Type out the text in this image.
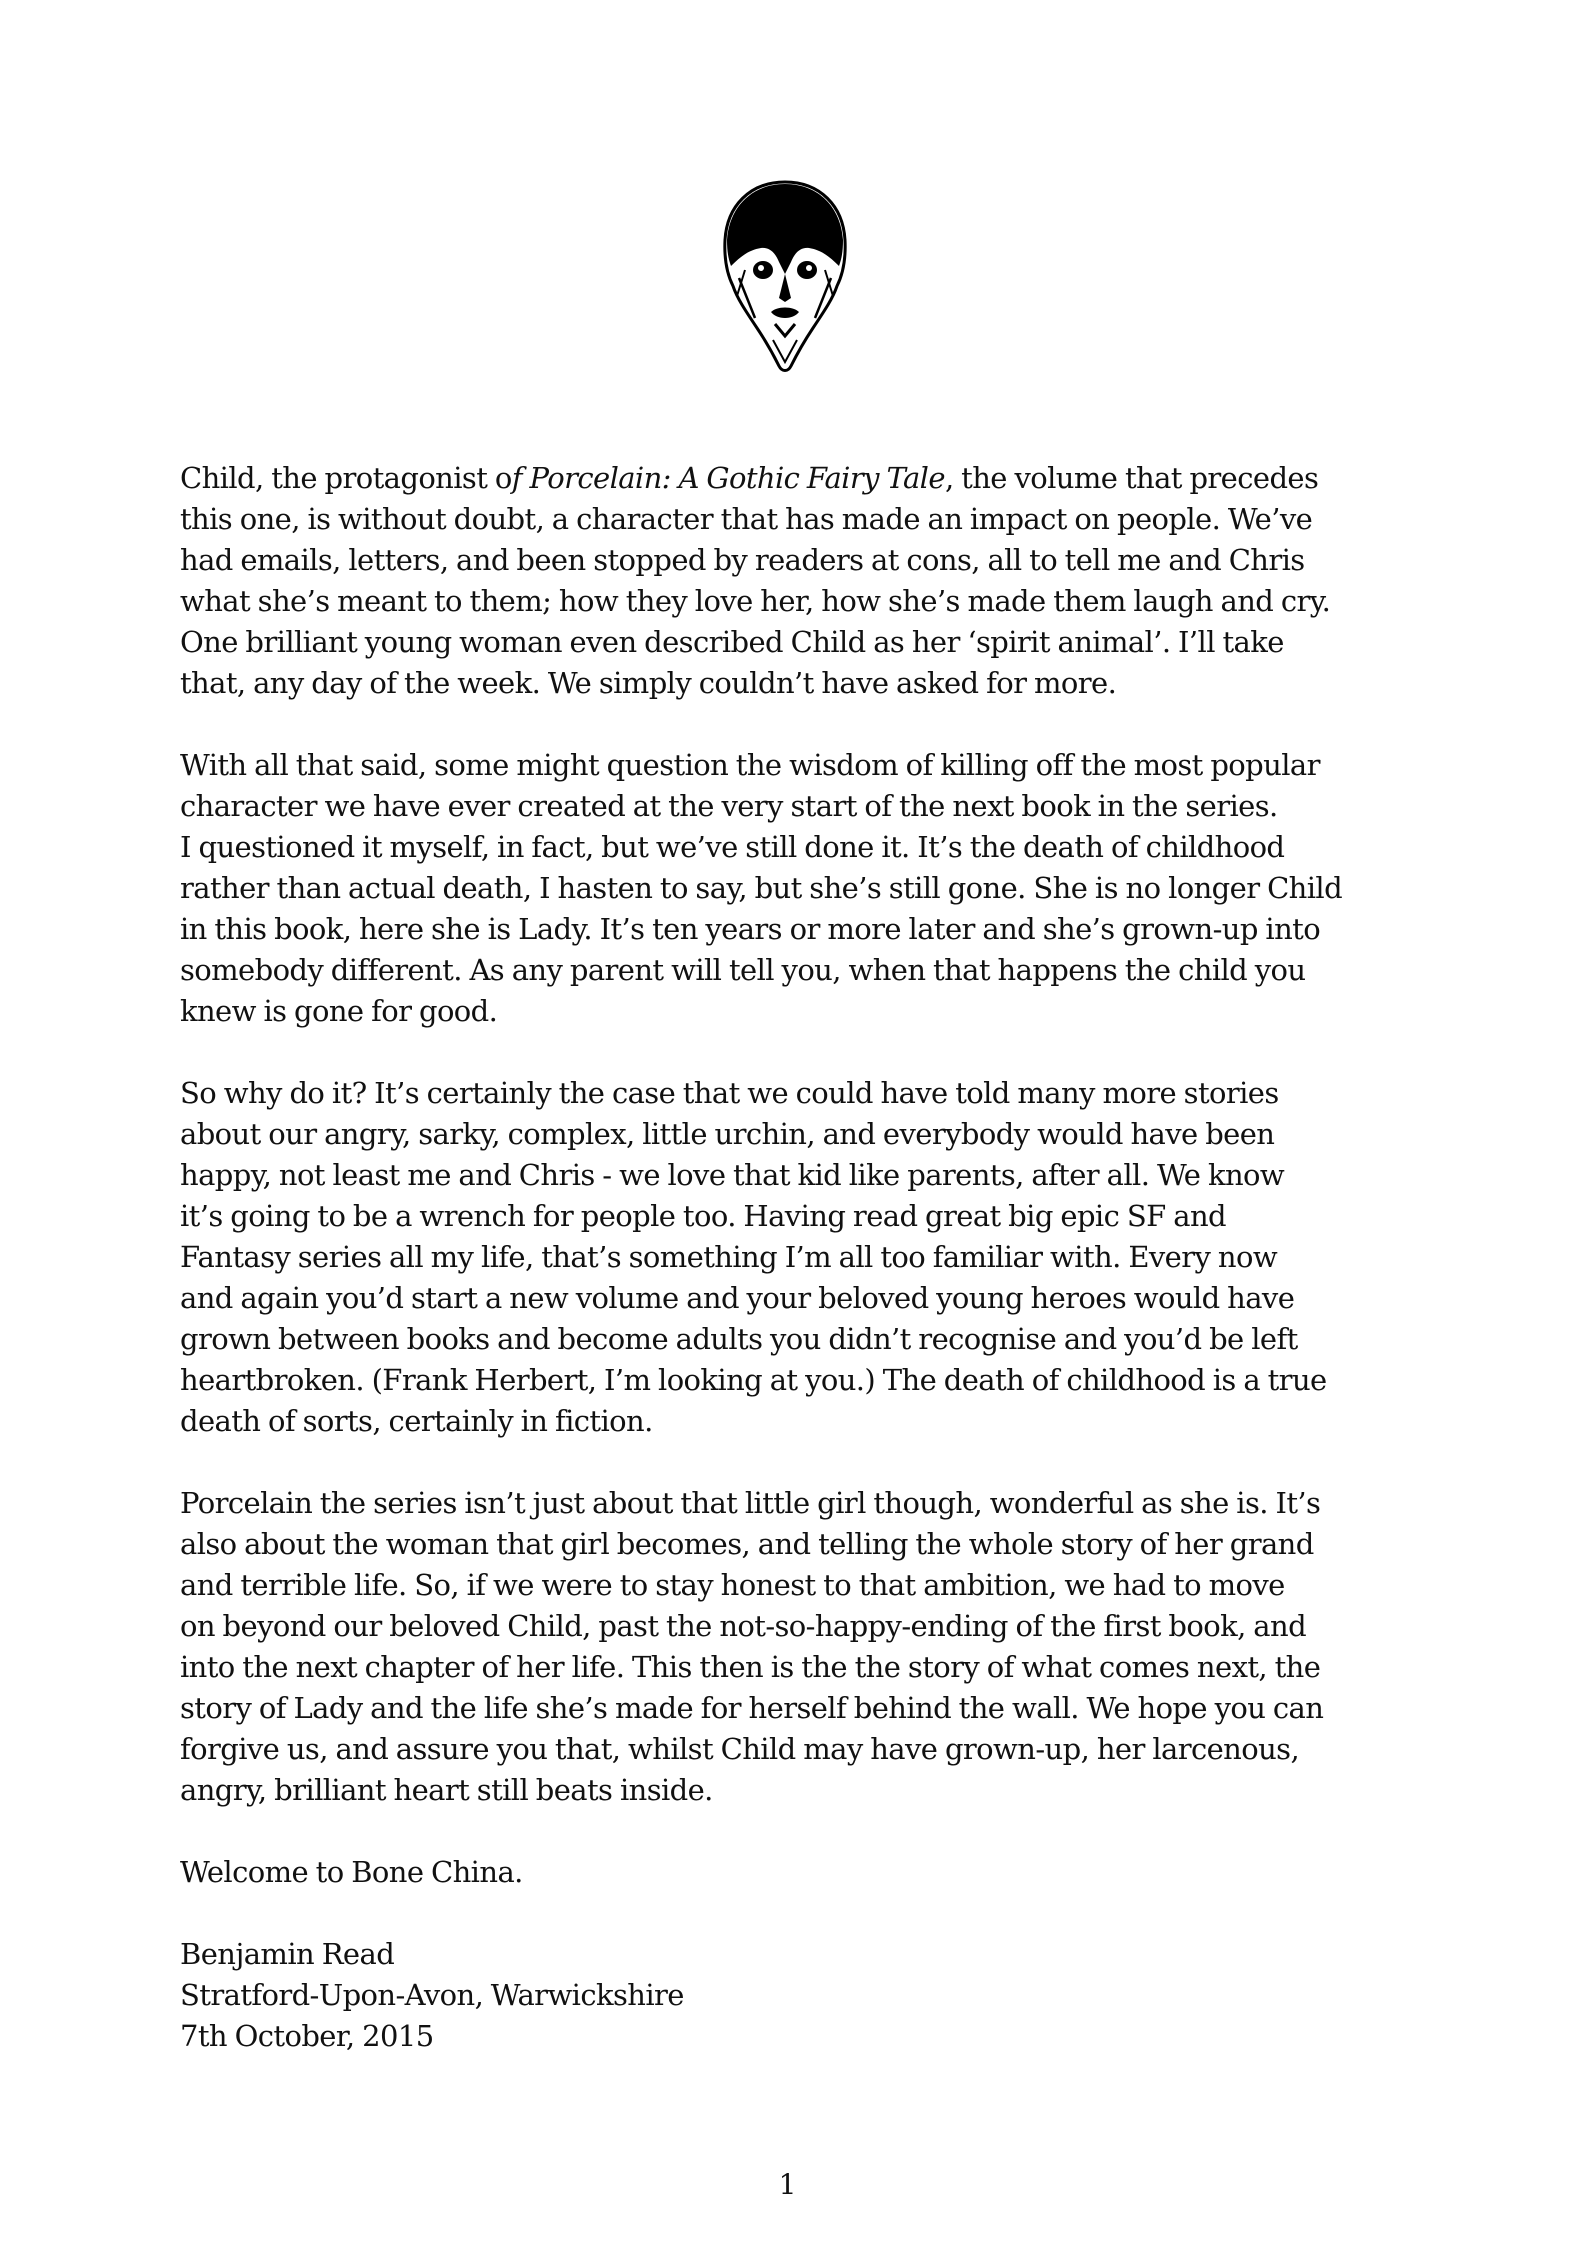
Child, the protagonist of Porcelain: A Gothic Fairy Tale, the volume that precedes
this one, is without doubt, a character that has made an impact on people. We’ve
had emails, letters, and been stopped by readers at cons, all to tell me and Chris
what she’s meant to them; how they love her, how she’s made them laugh and cry.
One brilliant young woman even described Child as her ‘spirit animal’. I’ll take
that, any day of the week. We simply couldn’t have asked for more.

With all that said, some might question the wisdom of killing off the most popular
character we have ever created at the very start of the next book in the series.
I questioned it myself, in fact, but we’ve still done it. It’s the death of childhood
rather than actual death, I hasten to say, but she’s still gone. She is no longer Child
in this book, here she is Lady. It’s ten years or more later and she’s grown-up into
somebody different. As any parent will tell you, when that happens the child you
knew is gone for good.

So why do it? It’s certainly the case that we could have told many more stories
about our angry, sarky, complex, little urchin, and everybody would have been
happy, not least me and Chris - we love that kid like parents, after all. We know
it’s going to be a wrench for people too. Having read great big epic SF and
Fantasy series all my life, that’s something I’m all too familiar with. Every now
and again you’d start a new volume and your beloved young heroes would have
grown between books and become adults you didn’t recognise and you’d be left
heartbroken. (Frank Herbert, I’m looking at you.) The death of childhood is a true
death of sorts, certainly in fiction.

Porcelain the series isn’t just about that little girl though, wonderful as she is. It’s
also about the woman that girl becomes, and telling the whole story of her grand
and terrible life. So, if we were to stay honest to that ambition, we had to move
on beyond our beloved Child, past the not-so-happy-ending of the first book, and
into the next chapter of her life. This then is the the story of what comes next, the
story of Lady and the life she’s made for herself behind the wall. We hope you can
forgive us, and assure you that, whilst Child may have grown-up, her larcenous,
angry, brilliant heart still beats inside.

Welcome to Bone China.

Benjamin Read
Stratford-Upon-Avon, Warwickshire
7th October, 2015
1
